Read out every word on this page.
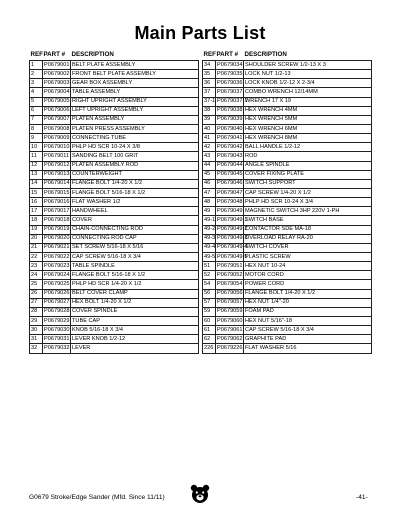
Main Parts List
REF	PART #	DESCRIPTION
1	P0679001	BELT PLATE ASSEMBLY
2	P0679002	FRONT BELT PLATE ASSEMBLY
3	P0679003	GEAR BOX ASSEMBLY
4	P0679004	TABLE ASSEMBLY
5	P0679005	RIGHT UPRIGHT ASSEMBLY
6	P0679006	LEFT UPRIGHT ASSEMBLY
7	P0679007	PLATEN ASSEMBLY
8	P0679008	PLATEN PRESS ASSEMBLY
9	P0679009	CONNECTING TUBE
10	P0679010	PHLP HD SCR 10-24 X 3/8
11	P0679011	SANDING BELT 100 GRIT
12	P0679012	PLATEN ASSEMBLY ROD
13	P0679013	COUNTERWEIGHT
14	P0679014	FLANGE BOLT 1/4-20 X 1/2
15	P0679015	FLANGE BOLT 5/16-18 X 1/2
16	P0679016	FLAT WASHER 1/2
17	P0679017	HANDWHEEL
18	P0679018	COVER
19	P0679019	CHAIN-CONNECTING ROD
20	P0679020	CONNECTING ROD CAP
21	P0679021	SET SCREW 5/16-18 X 5/16
22	P0679022	CAP SCREW 5/16-18 X 3/4
23	P0679023	TABLE SPINDLE
24	P0679024	FLANGE BOLT 5/16-18 X 1/2
25	P0679025	PHLP HD SCR 1/4-20 X 1/2
26	P0679026	BELT COVER CLAMP
27	P0679027	HEX BOLT 1/4-20 X 1/2
28	P0679028	COVER SPINDLE
29	P0679029	TUBE CAP
30	P0679030	KNOB 5/16-18 X 3/4
31	P0679031	LEVER KNOB 1/2-12
32	P0679032	LEVER
REF	PART #	DESCRIPTION
34	P0679034	SHOULDER SCREW 1/2-13 X 3
35	P0679035	LOCK NUT 1/2-13
36	P0679036	LOCK KNOB 1/2-12 X 2-3/4
37	P0679037	COMBO WRENCH 12/14MM
37-1	P0679037-1	WRENCH 17 X 19
38	P0679038	HEX WRENCH 4MM
39	P0679039	HEX WRENCH 5MM
40	P0679040	HEX WRENCH 6MM
41	P0679041	HEX WRENCH 8MM
42	P0679042	BALL HANDLE 1/2-12
43	P0679043	ROD
44	P0679044	ANGLE SPINDLE
45	P0679045	COVER FIXING PLATE
46	P0679046	SWITCH SUPPORT
47	P0679047	CAP SCREW 1/4-20 X 1/2
48	P0679048	PHLP HD SCR 10-24 X 3/4
49	P0679049	MAGNETIC SWITCH 3HP 220V 1-PH
49-1	P0679049-1	SWITCH BASE
49-2	P0679049-2	CONTACTOR SDE MA-18
49-3	P0679049-3	OVERLOAD RELAY RA-20
49-4	P0679049-4	SWITCH COVER
49-5	P0679049-5	PLASTIC SCREW
51	P0679051	HEX NUT 10-24
52	P0679052	MOTOR CORD
54	P0679054	POWER CORD
56	P0679056	FLANGE BOLT 1/4-20 X 1/2
57	P0679057	HEX NUT 1/4"-20
59	P0679059	FOAM PAD
60	P0679060	HEX NUT 5/16"-18
61	P0679061	CAP SCREW 5/16-18 X 3/4
62	P0679062	GRAPHITE PAD
226	P0679226	FLAT WASHER 5/16
G0679 Stroke/Edge Sander (Mfd. Since 11/11)	-41-
